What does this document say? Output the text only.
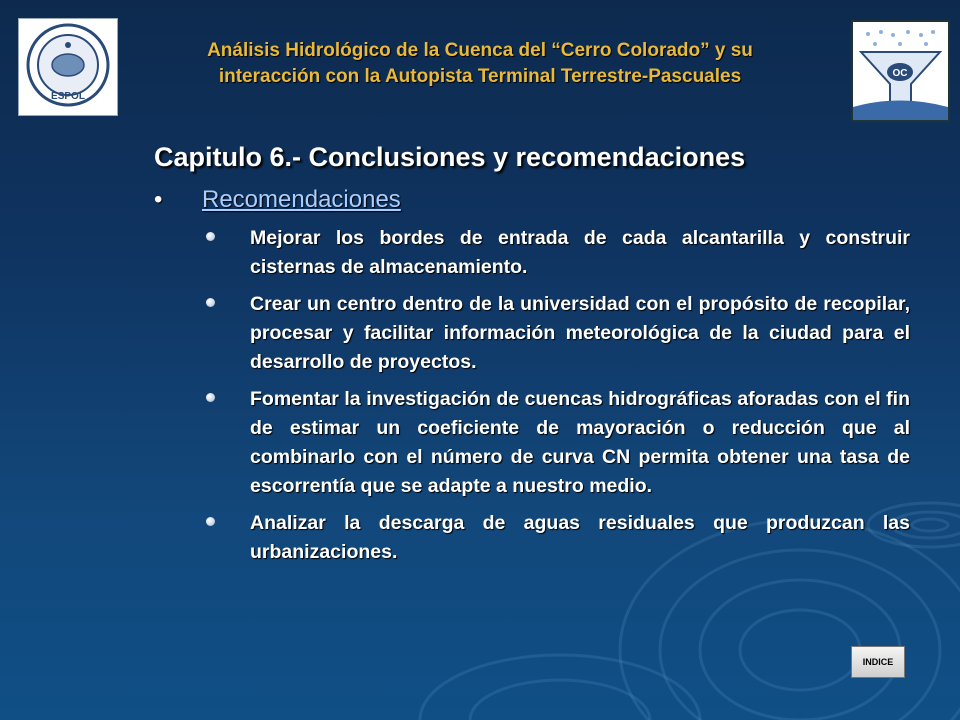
ESPOL
Análisis Hidrológico de la Cuenca del “Cerro Colorado” y su
interacción con la Autopista Terminal Terrestre-Pascuales	OC
Capitulo 6.- Conclusiones y recomendaciones
• Recomendaciones
Mejorar los bordes de entrada de cada alcantarilla y construir cisternas de almacenamiento.
Crear un centro dentro de la universidad con el propósito de recopilar, procesar y facilitar información meteorológica de la ciudad para el desarrollo de proyectos.
Fomentar la investigación de cuencas hidrográficas aforadas con el fin de estimar un coeficiente de mayoración o reducción que al combinarlo con el número de curva CN permita obtener una tasa de escorrentía que se adapte a nuestro medio.
Analizar la descarga de aguas residuales que produzcan las urbanizaciones.
INDICE
